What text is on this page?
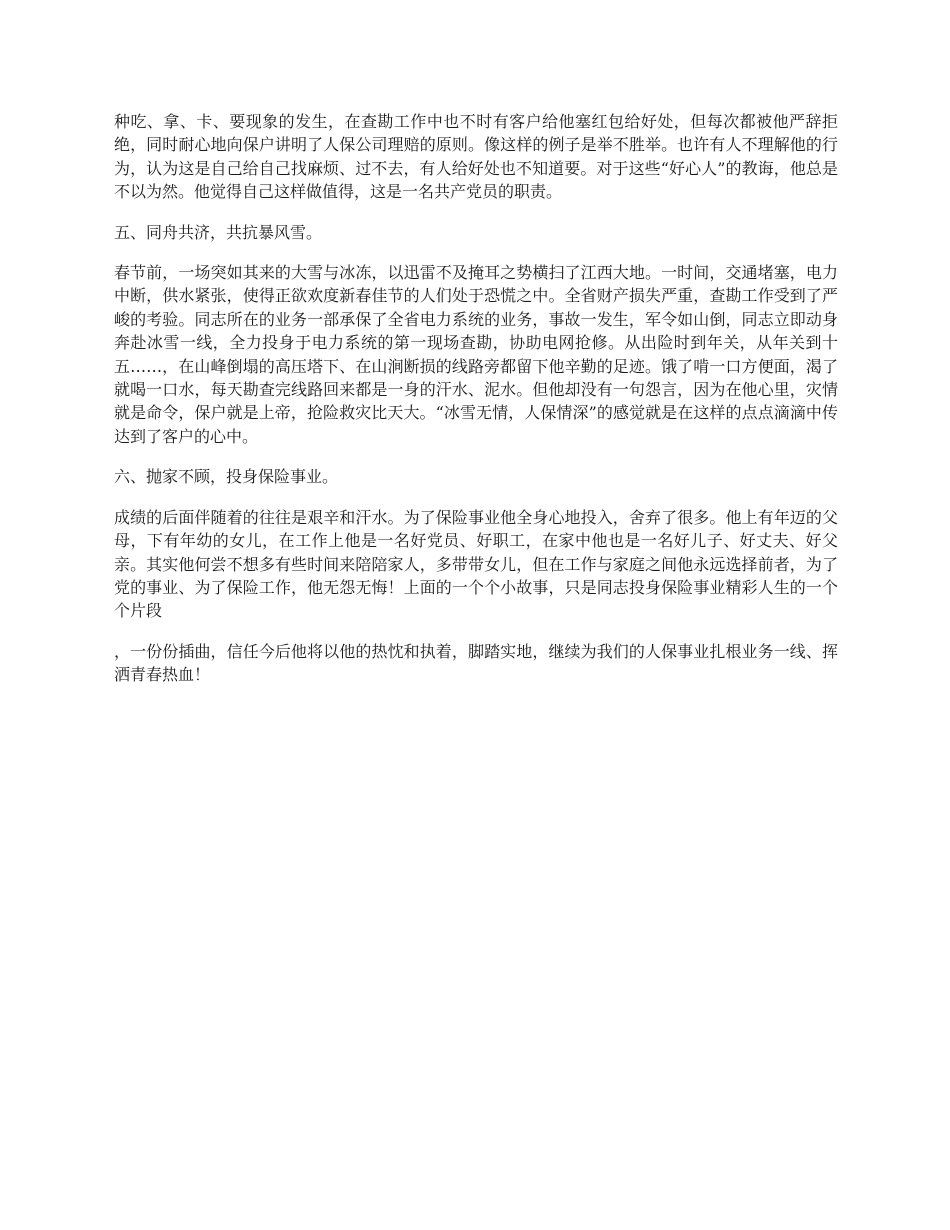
种吃、拿、卡、要现象的发生，在查勘工作中也不时有客户给他塞红包给好处，但每次都被他严辞拒绝，同时耐心地向保户讲明了人保公司理赔的原则。像这样的例子是举不胜举。也许有人不理解他的行为，认为这是自己给自己找麻烦、过不去，有人给好处也不知道要。对于这些“好心人”的教诲，他总是不以为然。他觉得自己这样做值得，这是一名共产党员的职责。

五、同舟共济，共抗暴风雪。

春节前，一场突如其来的大雪与冰冻，以迅雷不及掩耳之势横扫了江西大地。一时间，交通堵塞，电力中断，供水紧张，使得正欲欢度新春佳节的人们处于恐慌之中。全省财产损失严重，查勘工作受到了严峻的考验。同志所在的业务一部承保了全省电力系统的业务，事故一发生，军令如山倒，同志立即动身奔赴冰雪一线，全力投身于电力系统的第一现场查勘，协助电网抢修。从出险时到年关，从年关到十五……，在山峰倒塌的高压塔下、在山涧断损的线路旁都留下他辛勤的足迹。饿了啃一口方便面，渴了就喝一口水，每天勘查完线路回来都是一身的汗水、泥水。但他却没有一句怨言，因为在他心里，灾情就是命令，保户就是上帝，抢险救灾比天大。“冰雪无情，人保情深”的感觉就是在这样的点点滴滴中传达到了客户的心中。

六、抛家不顾，投身保险事业。

成绩的后面伴随着的往往是艰辛和汗水。为了保险事业他全身心地投入，舍弃了很多。他上有年迈的父母，下有年幼的女儿，在工作上他是一名好党员、好职工，在家中他也是一名好儿子、好丈夫、好父亲。其实他何尝不想多有些时间来陪陪家人，多带带女儿，但在工作与家庭之间他永远选择前者，为了党的事业、为了保险工作，他无怨无悔！上面的一个个小故事，只是同志投身保险事业精彩人生的一个个片段

，一份份插曲，信任今后他将以他的热忱和执着，脚踏实地，继续为我们的人保事业扎根业务一线、挥洒青春热血！
